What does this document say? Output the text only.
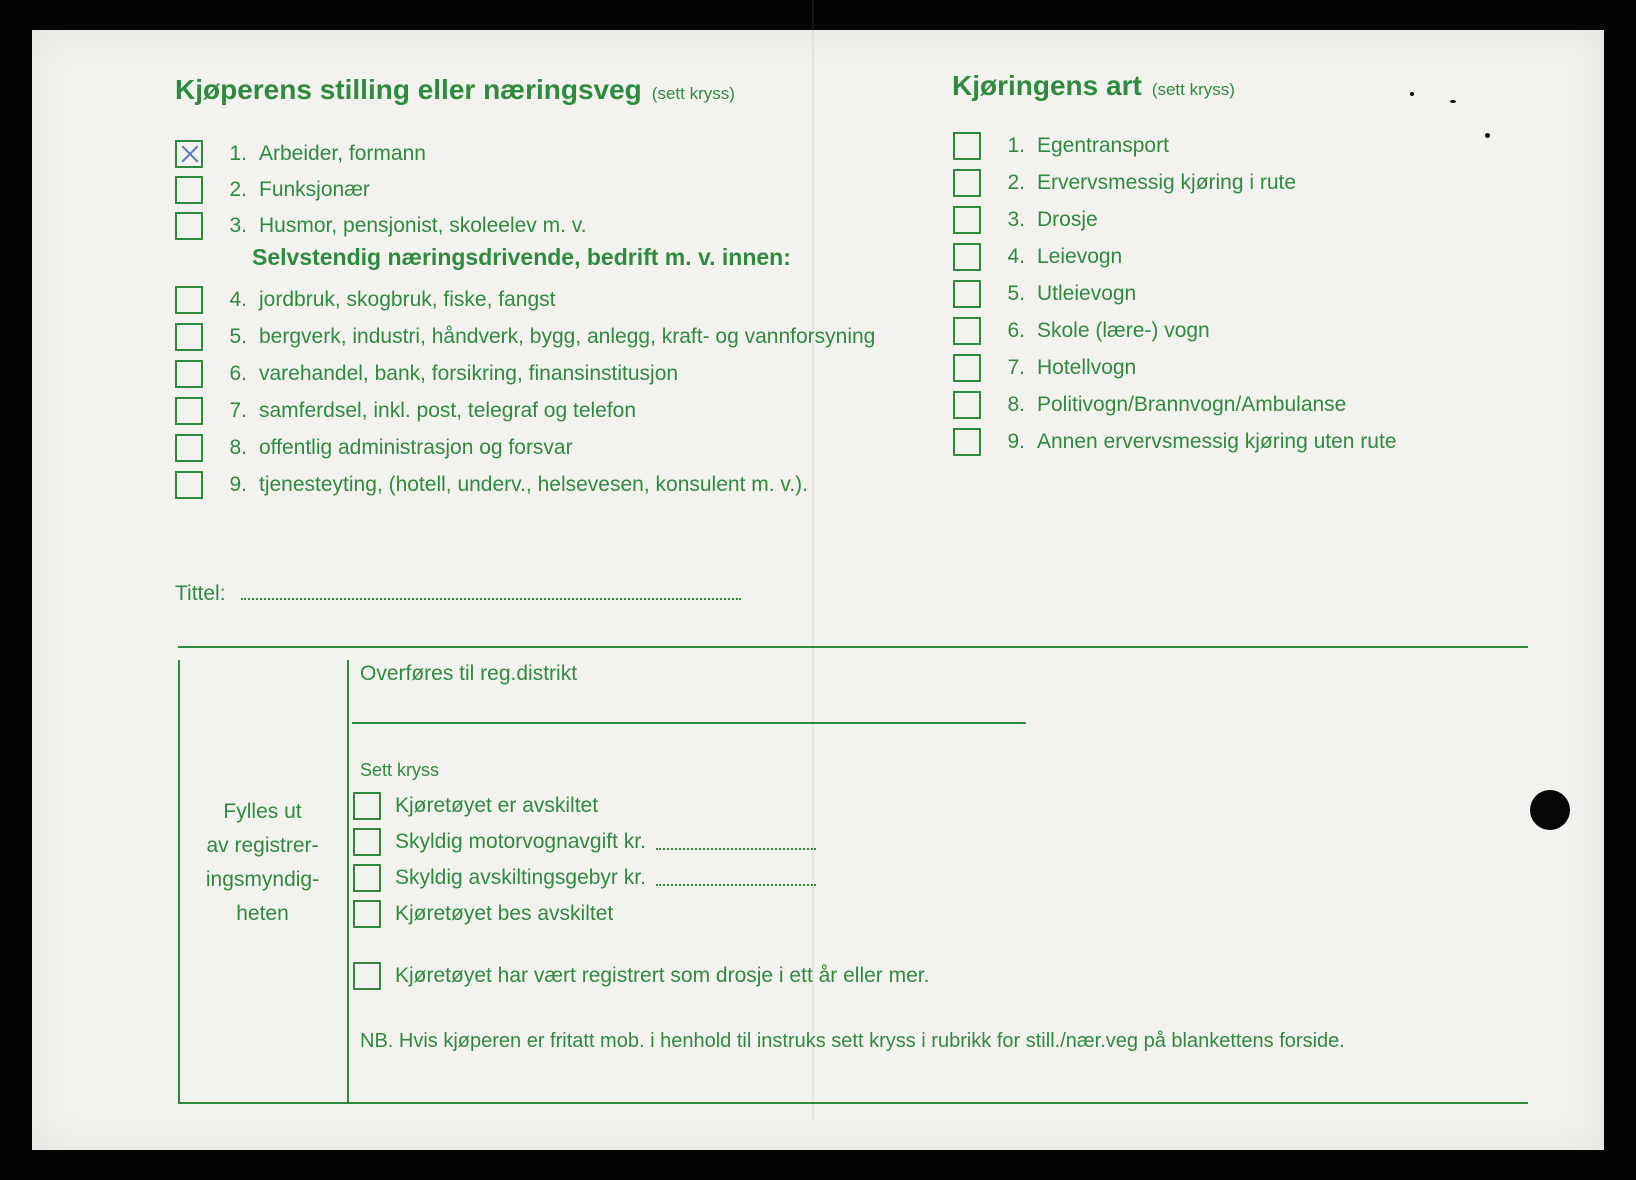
Kjøperens stilling eller næringsveg (sett kryss)
1. Arbeider, formann
2. Funksjonær
3. Husmor, pensjonist, skoleelev m. v.
Selvstendig næringsdrivende, bedrift m. v. innen:
4. jordbruk, skogbruk, fiske, fangst
5. bergverk, industri, håndverk, bygg, anlegg, kraft- og vannforsyning
6. varehandel, bank, forsikring, finansinstitusjon
7. samferdsel, inkl. post, telegraf og telefon
8. offentlig administrasjon og forsvar
9. tjenesteyting, (hotell, underv., helsevesen, konsulent m. v.).
Tittel:
Kjøringens art (sett kryss)
1. Egentransport
2. Ervervsmessig kjøring i rute
3. Drosje
4. Leievogn
5. Utleievogn
6. Skole (lære-) vogn
7. Hotellvogn
8. Politivogn/Brannvogn/Ambulanse
9. Annen ervervsmessig kjøring uten rute
Fylles ut
av registrer-
ingsmyndig-
heten
Overføres til reg.distrikt
Sett kryss
Kjøretøyet er avskiltet
Skyldig motorvognavgift kr.
Skyldig avskiltingsgebyr kr.
Kjøretøyet bes avskiltet
Kjøretøyet har vært registrert som drosje i ett år eller mer.
NB. Hvis kjøperen er fritatt mob. i henhold til instruks sett kryss i rubrikk for still./nær.veg på blankettens forside.
